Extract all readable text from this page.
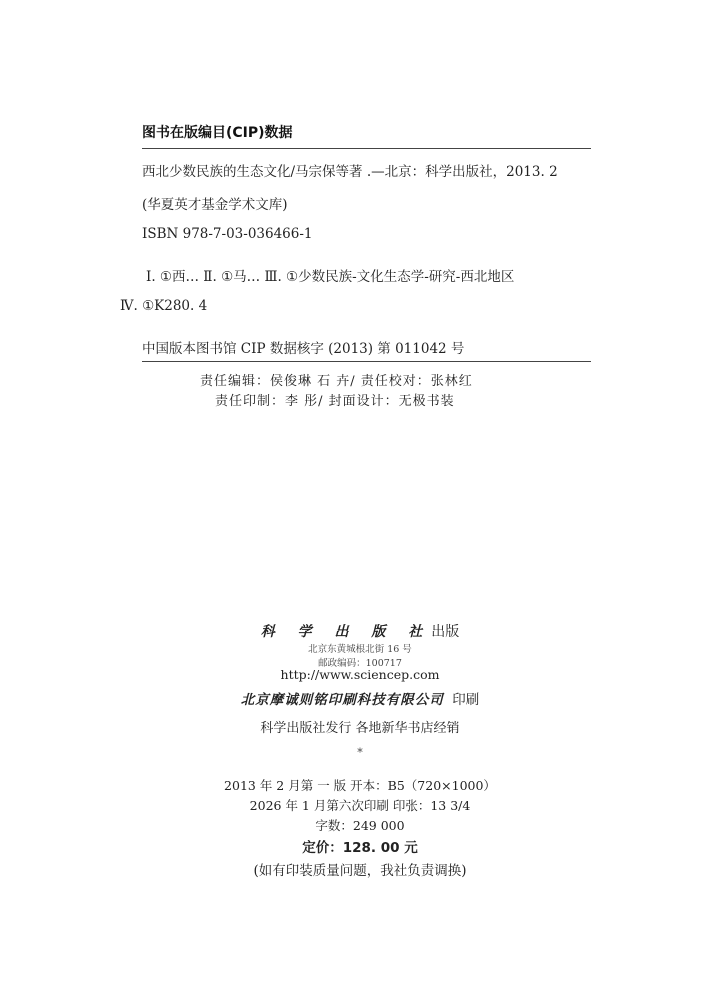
图书在版编目(CIP)数据
西北少数民族的生态文化/马宗保等著 .—北京：科学出版社，2013. 2
(华夏英才基金学术文库)
ISBN 978-7-03-036466-1
Ⅰ. ①西… Ⅱ. ①马… Ⅲ. ①少数民族-文化生态学-研究-西北地区
Ⅳ. ①K280. 4
中国版本图书馆 CIP 数据核字 (2013) 第 011042 号
责任编辑：侯俊琳 石 卉/ 责任校对：张林红
责任印制：李 彤/ 封面设计：无极书装
科 学 出 版 社出版
北京东黄城根北街 16 号
邮政编码：100717
http://www.sciencep.com
北京摩诚则铭印刷科技有限公司 印刷
科学出版社发行 各地新华书店经销
*
2013 年 2 月第 一 版 开本：B5（720×1000）
2026 年 1 月第六次印刷 印张：13 3/4
字数：249 000
定价：128. 00 元
(如有印装质量问题，我社负责调换)
